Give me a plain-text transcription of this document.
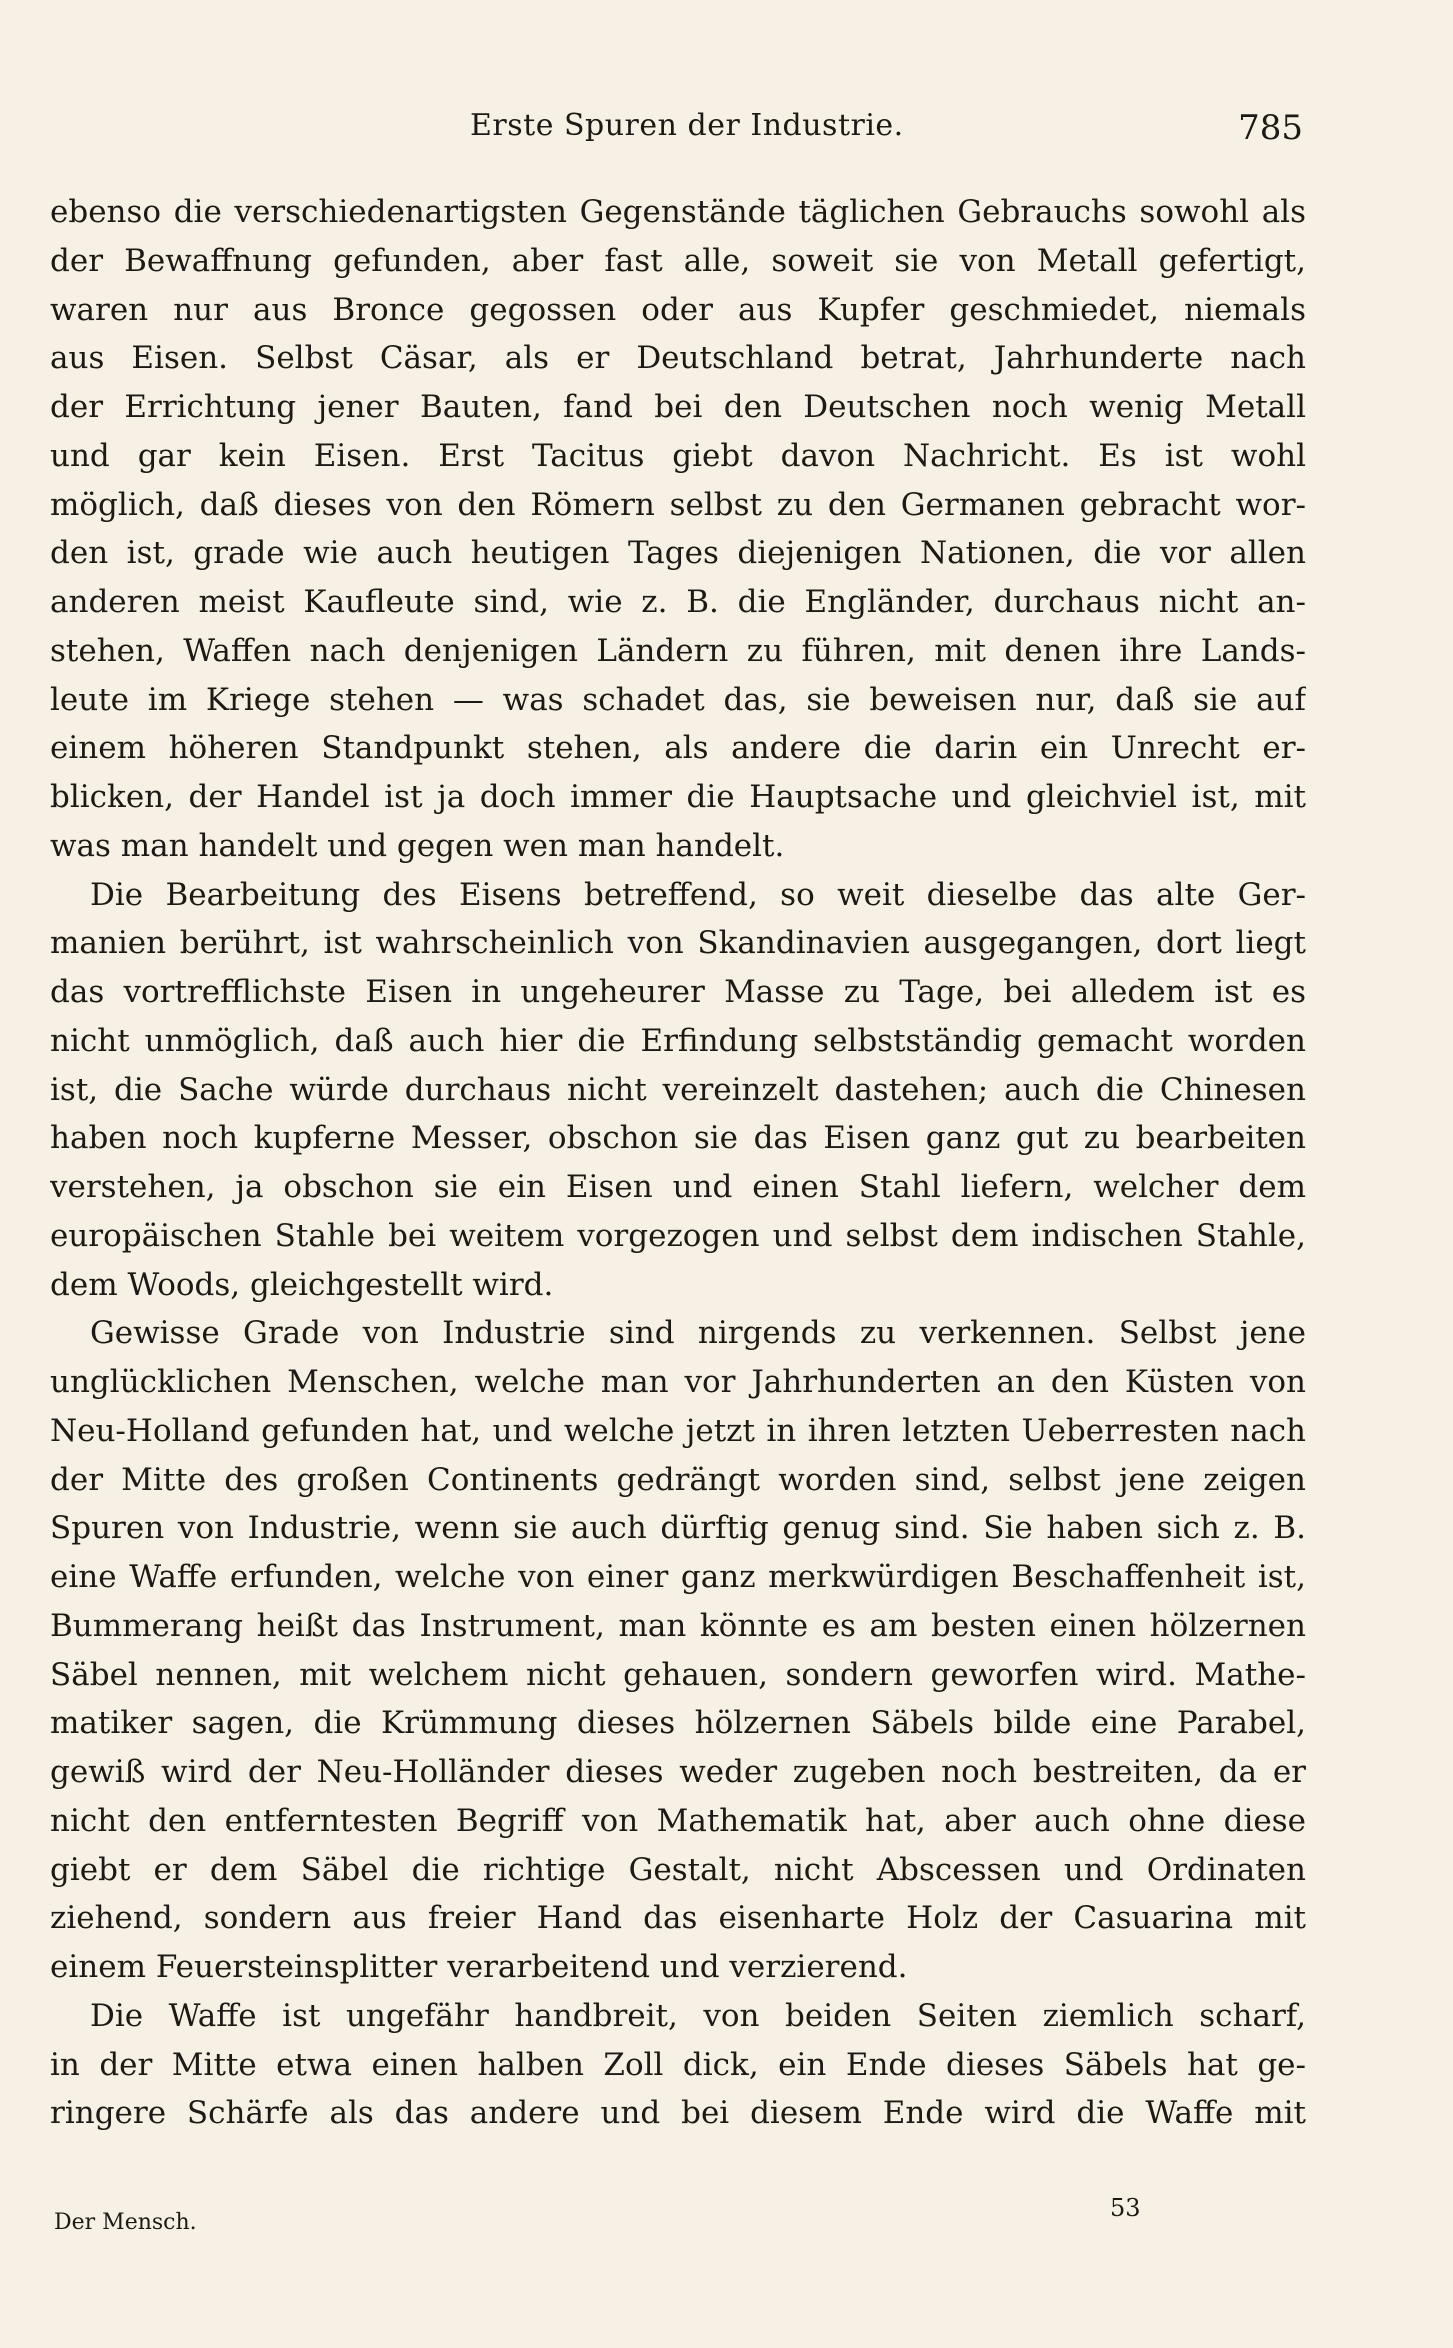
Erste Spuren der Industrie.	785
ebenso die verschiedenartigsten Gegenstände täglichen Gebrauchs sowohl als
der Bewaffnung gefunden, aber fast alle, soweit sie von Metall gefertigt,
waren nur aus Bronce gegossen oder aus Kupfer geschmiedet, niemals
aus Eisen. Selbst Cäsar, als er Deutschland betrat, Jahrhunderte nach
der Errichtung jener Bauten, fand bei den Deutschen noch wenig Metall
und gar kein Eisen. Erst Tacitus giebt davon Nachricht. Es ist wohl
möglich, daß dieses von den Römern selbst zu den Germanen gebracht wor-
den ist, grade wie auch heutigen Tages diejenigen Nationen, die vor allen
anderen meist Kaufleute sind, wie z. B. die Engländer, durchaus nicht an-
stehen, Waffen nach denjenigen Ländern zu führen, mit denen ihre Lands-
leute im Kriege stehen — was schadet das, sie beweisen nur, daß sie auf
einem höheren Standpunkt stehen, als andere die darin ein Unrecht er-
blicken, der Handel ist ja doch immer die Hauptsache und gleichviel ist, mit
was man handelt und gegen wen man handelt.
Die Bearbeitung des Eisens betreffend, so weit dieselbe das alte Ger-
manien berührt, ist wahrscheinlich von Skandinavien ausgegangen, dort liegt
das vortrefflichste Eisen in ungeheurer Masse zu Tage, bei alledem ist es
nicht unmöglich, daß auch hier die Erfindung selbstständig gemacht worden
ist, die Sache würde durchaus nicht vereinzelt dastehen; auch die Chinesen
haben noch kupferne Messer, obschon sie das Eisen ganz gut zu bearbeiten
verstehen, ja obschon sie ein Eisen und einen Stahl liefern, welcher dem
europäischen Stahle bei weitem vorgezogen und selbst dem indischen Stahle,
dem Woods, gleichgestellt wird.
Gewisse Grade von Industrie sind nirgends zu verkennen. Selbst jene
unglücklichen Menschen, welche man vor Jahrhunderten an den Küsten von
Neu-Holland gefunden hat, und welche jetzt in ihren letzten Ueberresten nach
der Mitte des großen Continents gedrängt worden sind, selbst jene zeigen
Spuren von Industrie, wenn sie auch dürftig genug sind. Sie haben sich z. B.
eine Waffe erfunden, welche von einer ganz merkwürdigen Beschaffenheit ist,
Bummerang heißt das Instrument, man könnte es am besten einen hölzernen
Säbel nennen, mit welchem nicht gehauen, sondern geworfen wird. Mathe-
matiker sagen, die Krümmung dieses hölzernen Säbels bilde eine Parabel,
gewiß wird der Neu-Holländer dieses weder zugeben noch bestreiten, da er
nicht den entferntesten Begriff von Mathematik hat, aber auch ohne diese
giebt er dem Säbel die richtige Gestalt, nicht Abscessen und Ordinaten
ziehend, sondern aus freier Hand das eisenharte Holz der Casuarina mit
einem Feuersteinsplitter verarbeitend und verzierend.
Die Waffe ist ungefähr handbreit, von beiden Seiten ziemlich scharf,
in der Mitte etwa einen halben Zoll dick, ein Ende dieses Säbels hat ge-
ringere Schärfe als das andere und bei diesem Ende wird die Waffe mit
Der Mensch.
53
